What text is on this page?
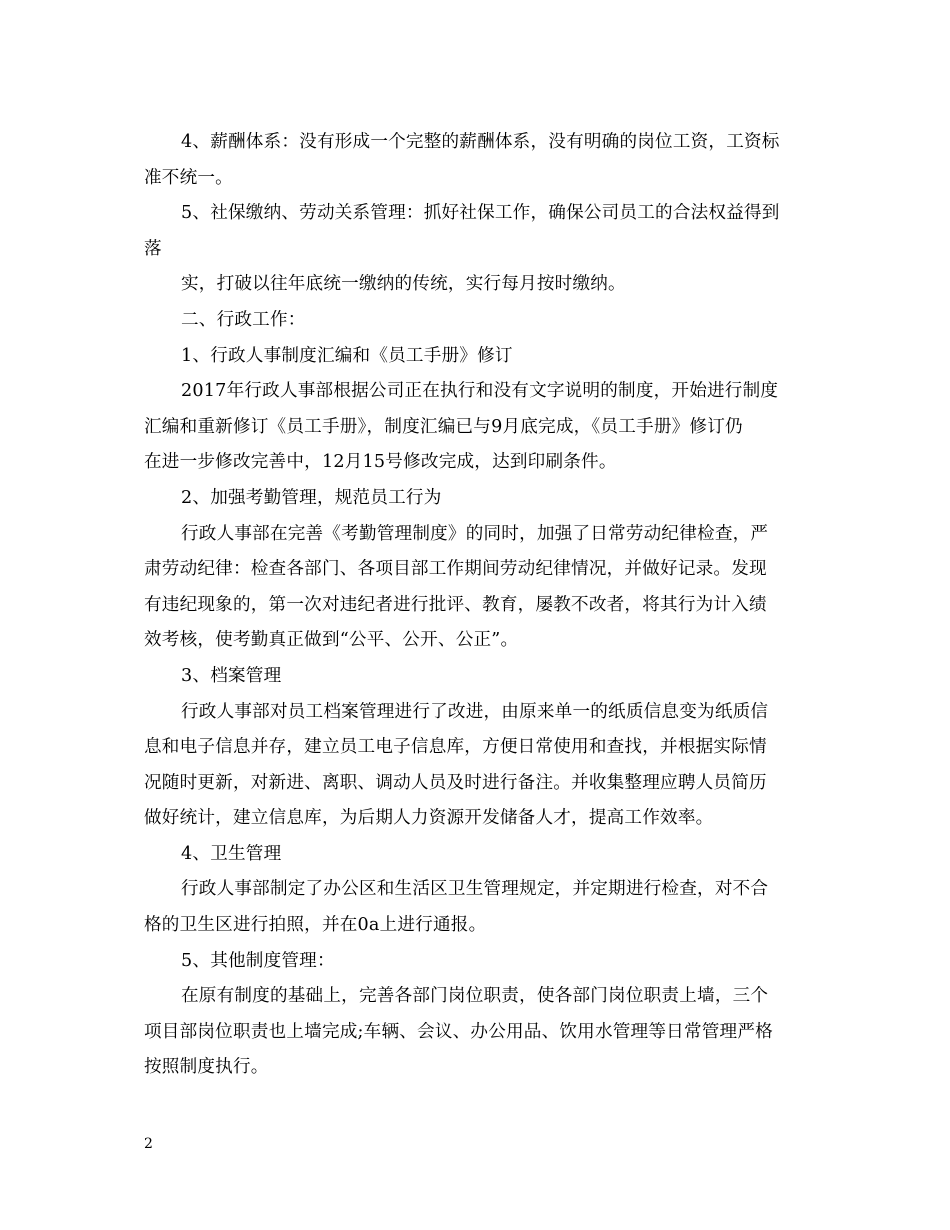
4、薪酬体系：没有形成一个完整的薪酬体系，没有明确的岗位工资，工资标
准不统一。
5、社保缴纳、劳动关系管理：抓好社保工作，确保公司员工的合法权益得到
落
实，打破以往年底统一缴纳的传统，实行每月按时缴纳。
二、行政工作：
1、行政人事制度汇编和《员工手册》修订
2017年行政人事部根据公司正在执行和没有文字说明的制度，开始进行制度
汇编和重新修订《员工手册》，制度汇编已与9月底完成，《员工手册》修订仍
在进一步修改完善中，12月15号修改完成，达到印刷条件。
2、加强考勤管理，规范员工行为
行政人事部在完善《考勤管理制度》的同时，加强了日常劳动纪律检查，严
肃劳动纪律：检查各部门、各项目部工作期间劳动纪律情况，并做好记录。发现
有违纪现象的，第一次对违纪者进行批评、教育，屡教不改者，将其行为计入绩
效考核，使考勤真正做到“公平、公开、公正”。
3、档案管理
行政人事部对员工档案管理进行了改进，由原来单一的纸质信息变为纸质信
息和电子信息并存，建立员工电子信息库，方便日常使用和查找，并根据实际情
况随时更新，对新进、离职、调动人员及时进行备注。并收集整理应聘人员简历
做好统计，建立信息库，为后期人力资源开发储备人才，提高工作效率。
4、卫生管理
行政人事部制定了办公区和生活区卫生管理规定，并定期进行检查，对不合
格的卫生区进行拍照，并在0a上进行通报。
5、其他制度管理：
在原有制度的基础上，完善各部门岗位职责，使各部门岗位职责上墙，三个
项目部岗位职责也上墙完成;车辆、会议、办公用品、饮用水管理等日常管理严格
按照制度执行。
2
